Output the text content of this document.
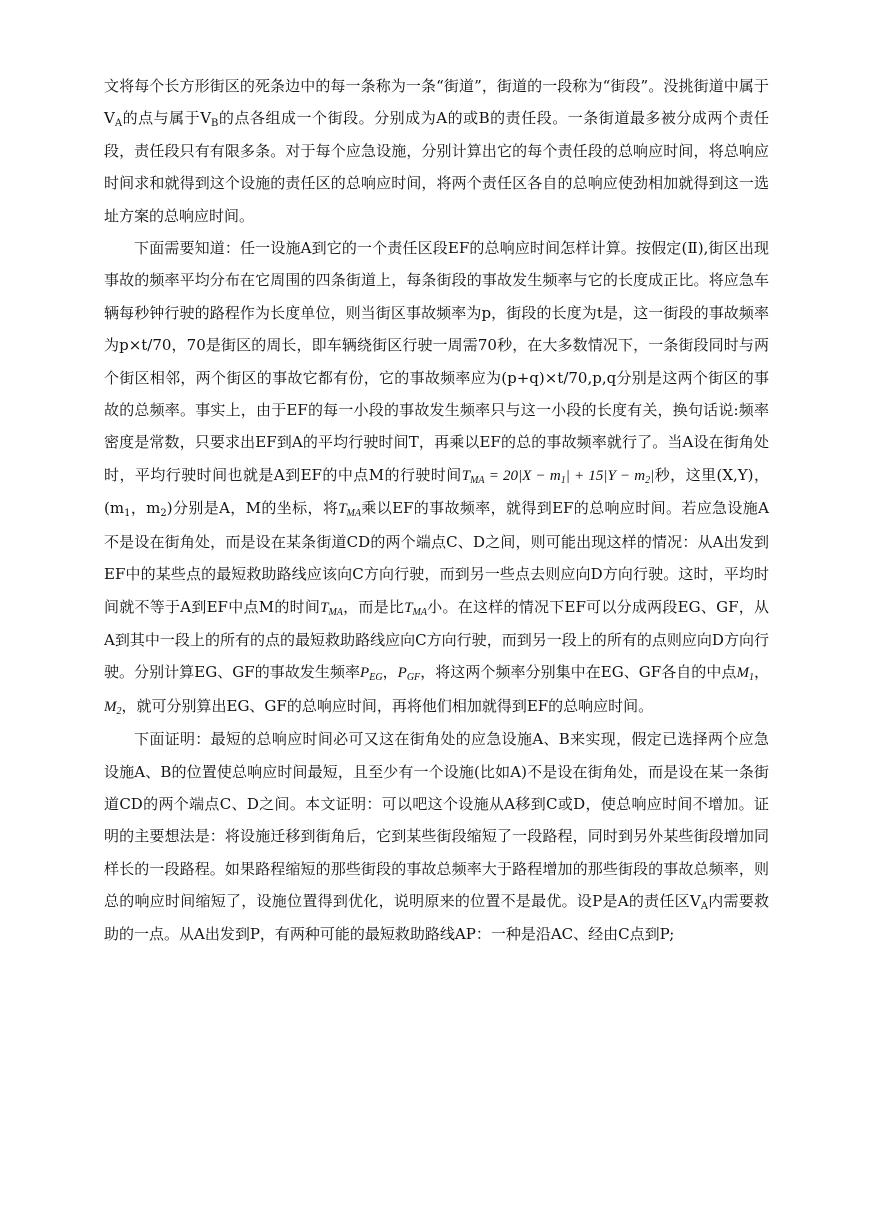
文将每个长方形街区的死条边中的每一条称为一条“街道”，街道的一段称为“街段”。没挑街道中属于$V_A$的点与属于$V_B$的点各组成一个街段。分别成为A的或B的责任段。一条街道最多被分成两个责任段，责任段只有有限多条。对于每个应急设施，分别计算出它的每个责任段的总响应时间，将总响应时间求和就得到这个设施的责任区的总响应时间，将两个责任区各自的总响应使劲相加就得到这一选址方案的总响应时间。

下面需要知道：任一设施A到它的一个责任区段EF的总响应时间怎样计算。按假定(Ⅱ),街区出现事故的频率平均分布在它周围的四条街道上，每条街段的事故发生频率与它的长度成正比。将应急车辆每秒钟行驶的路程作为长度单位，则当街区事故频率为p，街段的长度为t是，这一街段的事故频率为p×t/70，70是街区的周长，即车辆绕街区行驶一周需70秒，在大多数情况下，一条街段同时与两个街区相邻，两个街区的事故它都有份，它的事故频率应为(p+q)×t/70,p,q分别是这两个街区的事故的总频率。事实上，由于EF的每一小段的事故发生频率只与这一小段的长度有关，换句话说:频率密度是常数，只要求出EF到A的平均行驶时间T，再乘以EF的总的事故频率就行了。当A设在街角处时，平均行驶时间也就是A到EF的中点M的行驶时间$T_{MA} = 20|X - m_1| + 15|Y - m_2|$秒，这里(X,Y)，($m_1$，$m_2$)分别是A，M的坐标，将$T_{MA}$乘以EF的事故频率，就得到EF的总响应时间。若应急设施A不是设在街角处，而是设在某条街道CD的两个端点C、D之间，则可能出现这样的情况：从A出发到EF中的某些点的最短救助路线应该向C方向行驶，而到另一些点去则应向D方向行驶。这时，平均时间就不等于A到EF中点M的时间$T_{MA}$，而是比$T_{MA}$小。在这样的情况下EF可以分成两段EG、GF，从A到其中一段上的所有的点的最短救助路线应向C方向行驶，而到另一段上的所有的点则应向D方向行驶。分别计算EG、GF的事故发生频率$P_{EG}$，$P_{GF}$，将这两个频率分别集中在EG、GF各自的中点$M_1$，$M_2$，就可分别算出EG、GF的总响应时间，再将他们相加就得到EF的总响应时间。

下面证明：最短的总响应时间必可又这在街角处的应急设施A、B来实现，假定已选择两个应急设施A、B的位置使总响应时间最短，且至少有一个设施(比如A)不是设在街角处，而是设在某一条街道CD的两个端点C、D之间。本文证明：可以吧这个设施从A移到C或D，使总响应时间不增加。证明的主要想法是：将设施迁移到街角后，它到某些街段缩短了一段路程，同时到另外某些街段增加同样长的一段路程。如果路程缩短的那些街段的事故总频率大于路程增加的那些街段的事故总频率，则总的响应时间缩短了，设施位置得到优化，说明原来的位置不是最优。设P是A的责任区$V_A$内需要救助的一点。从A出发到P，有两种可能的最短救助路线AP：一种是沿AC、经由C点到P;
